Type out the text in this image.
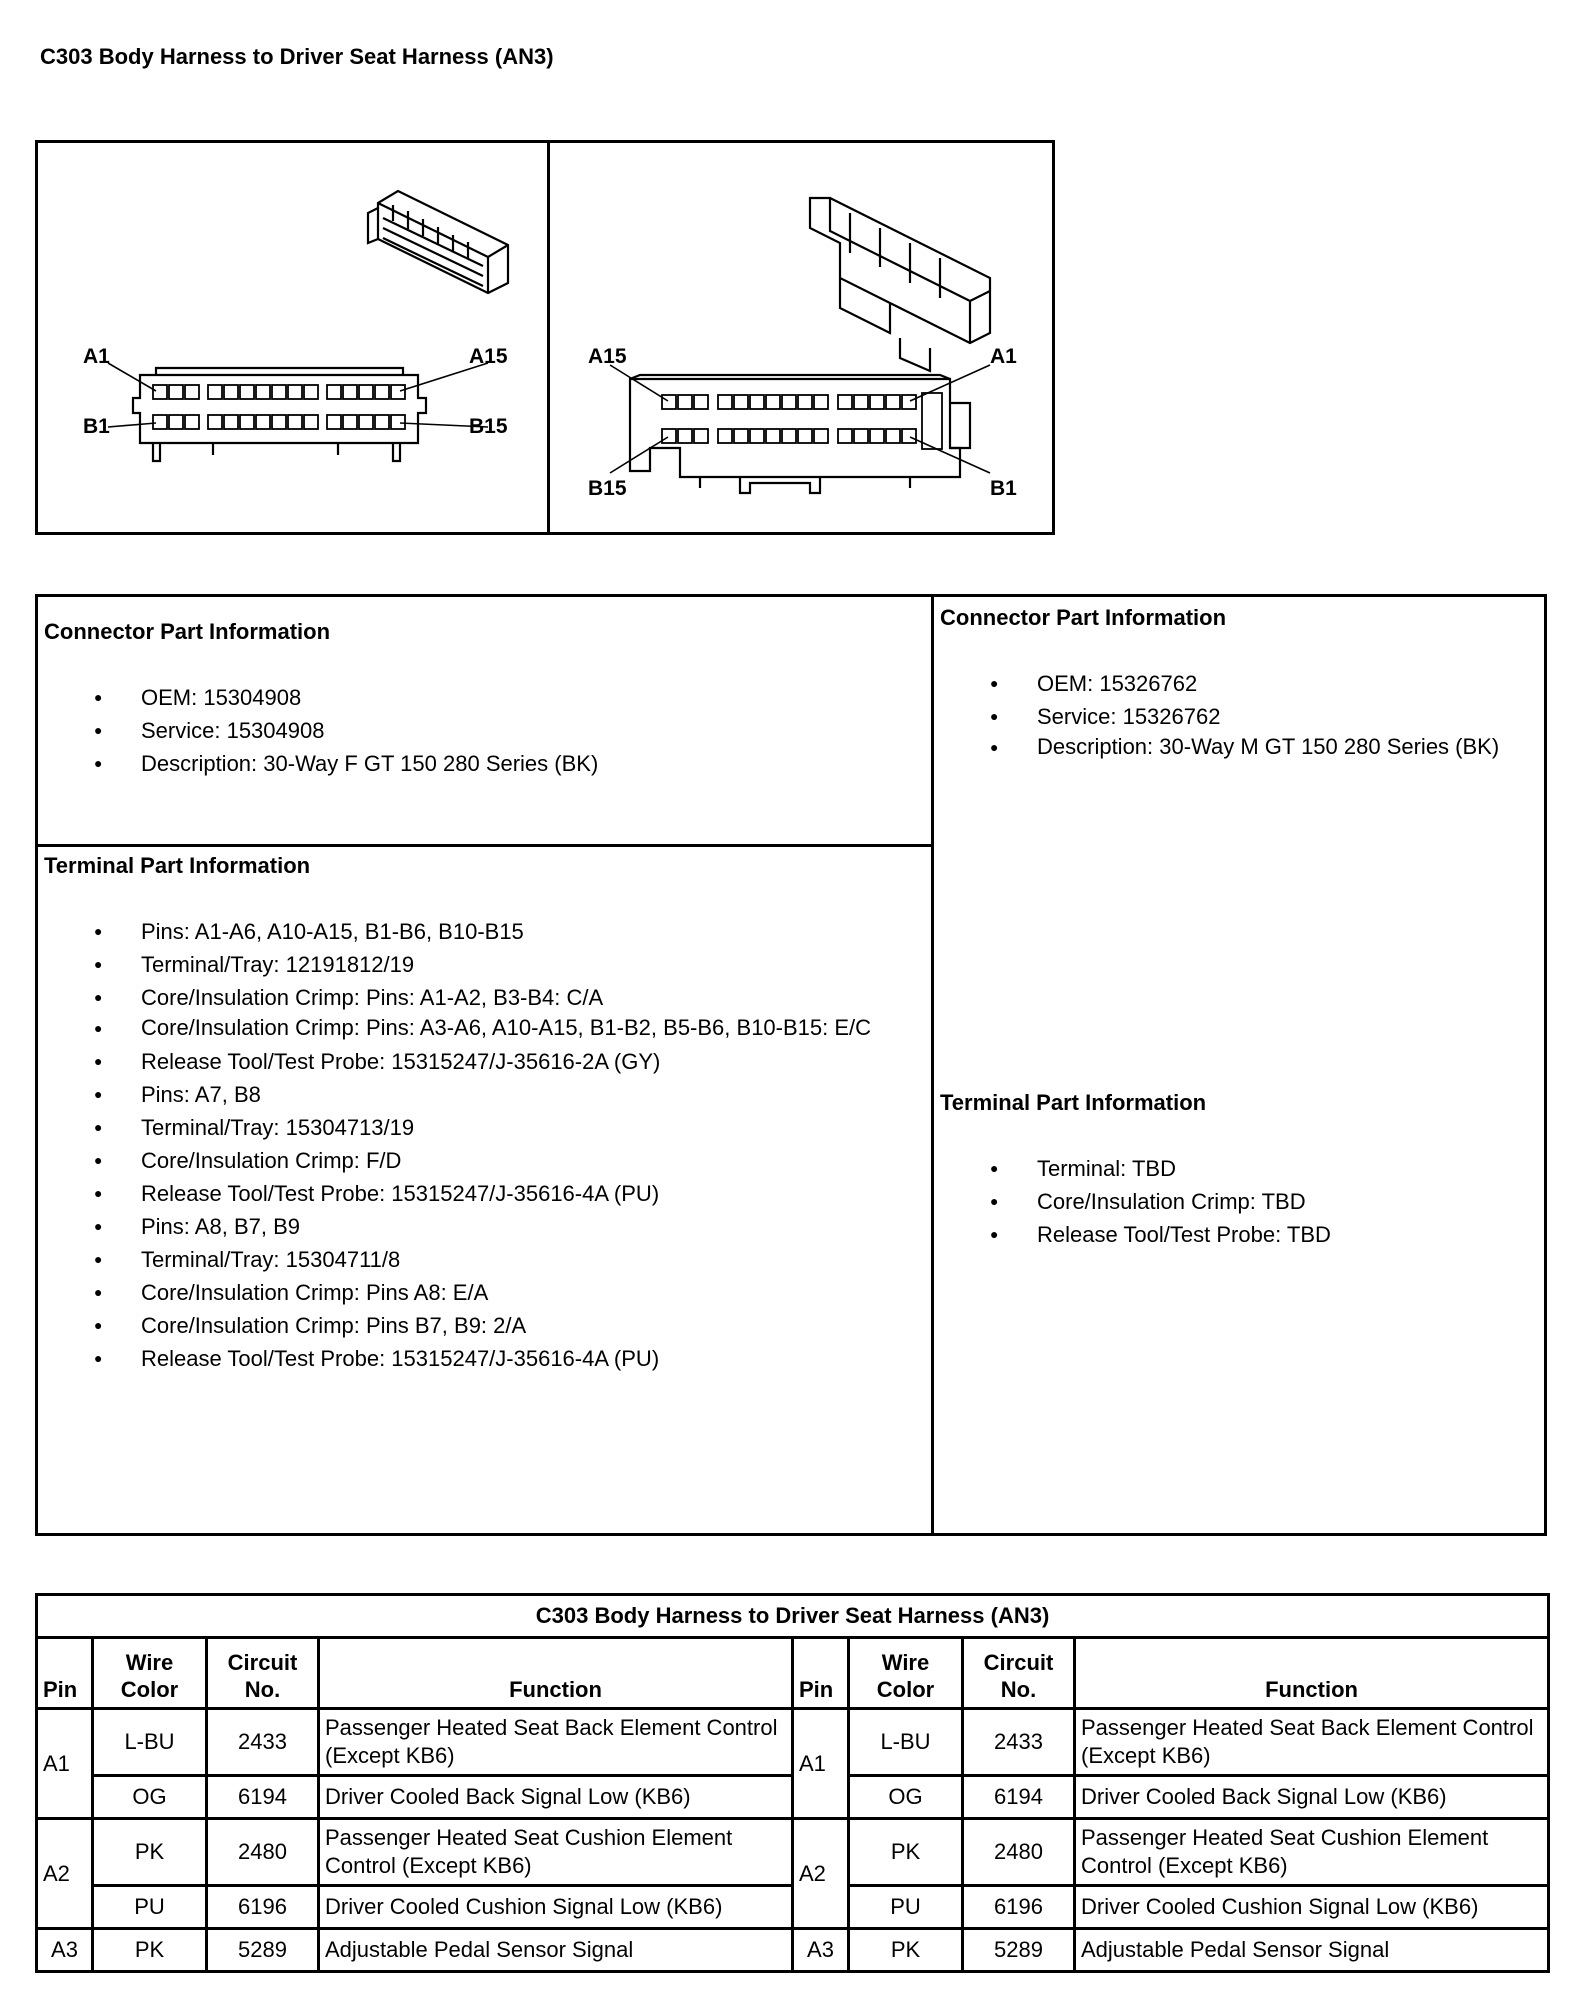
C303 Body Harness to Driver Seat Harness (AN3)
A1	A15
B1	B15
A15	A1
B15	B1
Connector Part Information
● OEM: 15304908
● Service: 15304908
● Description: 30-Way F GT 150 280 Series (BK)
Connector Part Information
● OEM: 15326762
● Service: 15326762
● Description: 30-Way M GT 150 280 Series (BK)
Terminal Part Information
● Pins: A1-A6, A10-A15, B1-B6, B10-B15
● Terminal/Tray: 12191812/19
● Core/Insulation Crimp: Pins: A1-A2, B3-B4: C/A
● Core/Insulation Crimp: Pins: A3-A6, A10-A15, B1-B2, B5-B6, B10-B15: E/C
● Release Tool/Test Probe: 15315247/J-35616-2A (GY)
● Pins: A7, B8
● Terminal/Tray: 15304713/19
● Core/Insulation Crimp: F/D
● Release Tool/Test Probe: 15315247/J-35616-4A (PU)
● Pins: A8, B7, B9
● Terminal/Tray: 15304711/8
● Core/Insulation Crimp: Pins A8: E/A
● Core/Insulation Crimp: Pins B7, B9: 2/A
● Release Tool/Test Probe: 15315247/J-35616-4A (PU)
Terminal Part Information
● Terminal: TBD
● Core/Insulation Crimp: TBD
● Release Tool/Test Probe: TBD
C303 Body Harness to Driver Seat Harness (AN3)							
Pin	Wire Color	Circuit No.	Function	Pin	Wire Color	Circuit No.	Function
A1	L-BU	2433	Passenger Heated Seat Back Element Control (Except KB6)	A1	L-BU	2433	Passenger Heated Seat Back Element Control (Except KB6)
	OG	6194	Driver Cooled Back Signal Low (KB6)		OG	6194	Driver Cooled Back Signal Low (KB6)
A2	PK	2480	Passenger Heated Seat Cushion Element Control (Except KB6)	A2	PK	2480	Passenger Heated Seat Cushion Element Control (Except KB6)
	PU	6196	Driver Cooled Cushion Signal Low (KB6)		PU	6196	Driver Cooled Cushion Signal Low (KB6)
A3	PK	5289	Adjustable Pedal Sensor Signal	A3	PK	5289	Adjustable Pedal Sensor Signal
